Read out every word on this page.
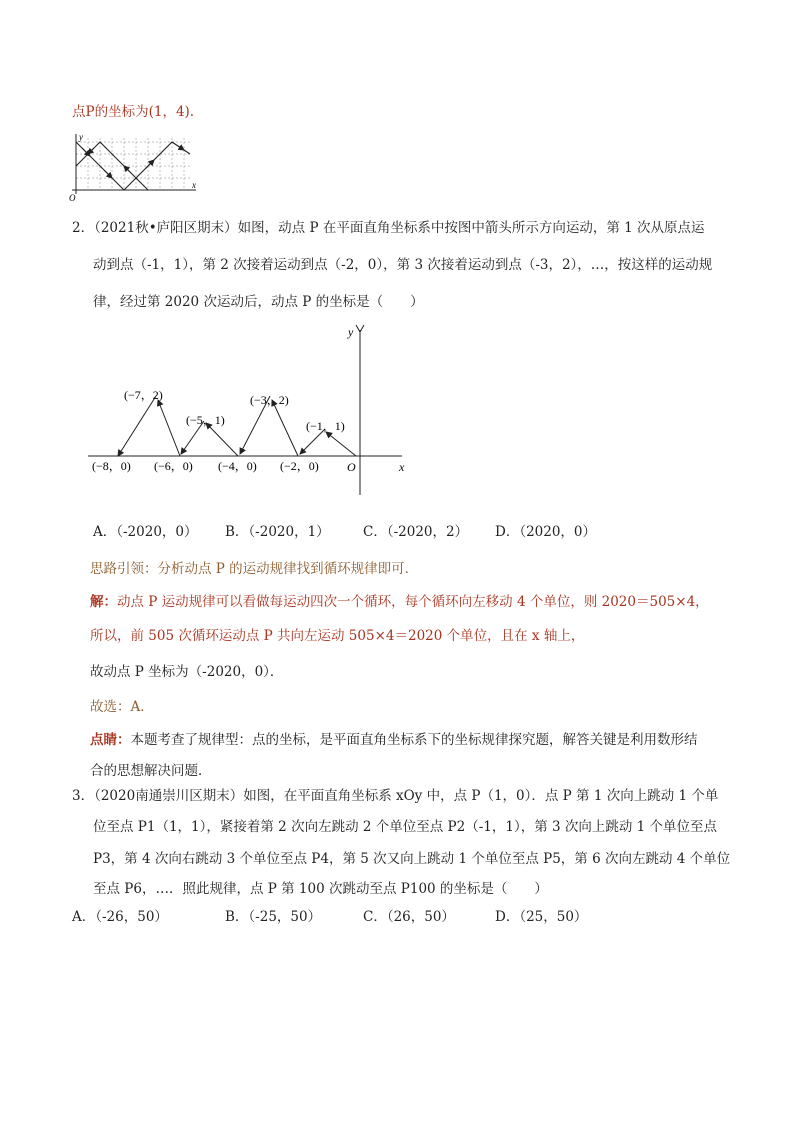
点P的坐标为(1，4).
y
x
O
2．（2021秋•庐阳区期末）如图，动点 P 在平面直角坐标系中按图中箭头所示方向运动，第 1 次从原点运
动到点（-1，1），第 2 次接着运动到点（-2，0），第 3 次接着运动到点（-3，2），…，按这样的运动规
律，经过第 2020 次运动后，动点 P 的坐标是（　　）
y
x
O
(−7，2)
(−5，1)
(−3，2)
(−1，1)
(−8，0) (−6，0) (−4，0) (−2，0)
A．（-2020，0） B．（-2020，1） C．（-2020，2） D．（2020，0）
思路引领：分析动点 P 的运动规律找到循环规律即可．
解：动点 P 运动规律可以看做每运动四次一个循环，每个循环向左移动 4 个单位，则 2020＝505×4，
所以，前 505 次循环运动点 P 共向左运动 505×4＝2020 个单位，且在 x 轴上，
故动点 P 坐标为（-2020，0）．
故选：A．
点睛：本题考查了规律型：点的坐标，是平面直角坐标系下的坐标规律探究题，解答关键是利用数形结
合的思想解决问题．
3．（2020南通崇川区期末）如图，在平面直角坐标系 xOy 中，点 P（1，0）．点 P 第 1 次向上跳动 1 个单
位至点 P1（1，1），紧接着第 2 次向左跳动 2 个单位至点 P2（-1，1），第 3 次向上跳动 1 个单位至点
P3，第 4 次向右跳动 3 个单位至点 P4，第 5 次又向上跳动 1 个单位至点 P5，第 6 次向左跳动 4 个单位
至点 P6，…．照此规律，点 P 第 100 次跳动至点 P100 的坐标是（　　）
A．（-26，50）	B．（-25，50）	C．（26，50）	D．（25，50）
